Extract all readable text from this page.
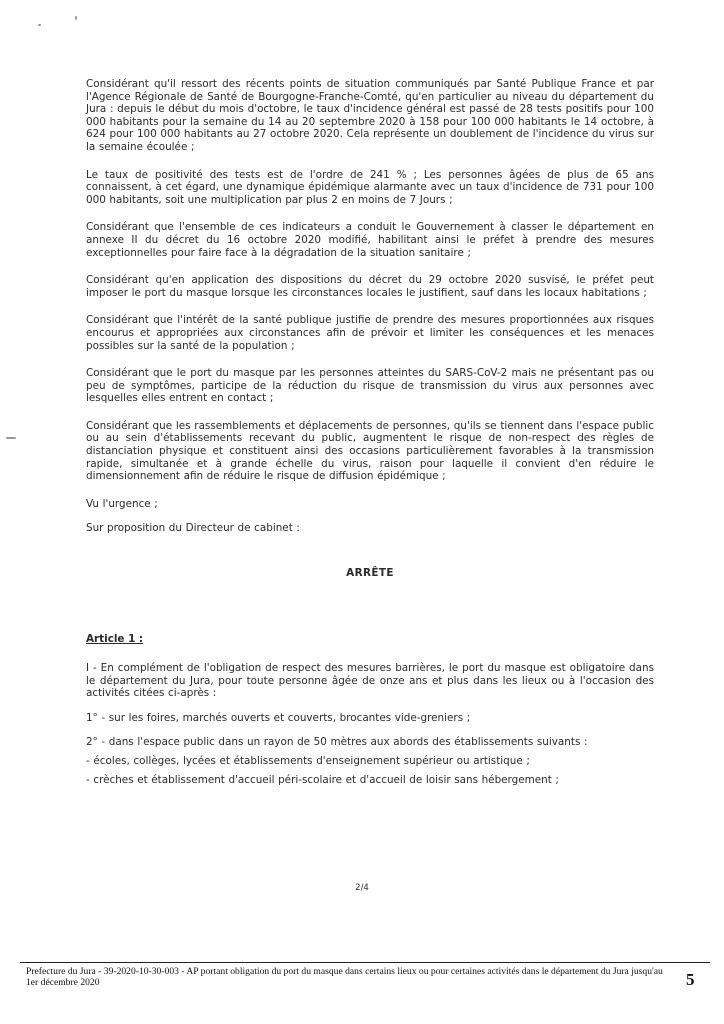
Considérant qu'il ressort des récents points de situation communiqués par Santé Publique France et par l'Agence Régionale de Santé de Bourgogne-Franche-Comté, qu'en particulier au niveau du département du Jura : depuis le début du mois d'octobre, le taux d'incidence général est passé de 28 tests positifs pour 100 000 habitants pour la semaine du 14 au 20 septembre 2020 à 158 pour 100 000 habitants le 14 octobre, à 624 pour 100 000 habitants au 27 octobre 2020. Cela représente un doublement de l'incidence du virus sur la semaine écoulée ;

Le taux de positivité des tests est de l'ordre de 241 % ; Les personnes âgées de plus de 65 ans connaissent, à cet égard, une dynamique épidémique alarmante avec un taux d'incidence de 731 pour 100 000 habitants, soit une multiplication par plus 2 en moins de 7 Jours ;

Considérant que l'ensemble de ces indicateurs a conduit le Gouvernement à classer le département en annexe II du décret du 16 octobre 2020 modifié, habilitant ainsi le préfet à prendre des mesures exceptionnelles pour faire face à la dégradation de la situation sanitaire ;

Considérant qu'en application des dispositions du décret du 29 octobre 2020 susvisé, le préfet peut imposer le port du masque lorsque les circonstances locales le justifient, sauf dans les locaux habitations ;

Considérant que l'intérêt de la santé publique justifie de prendre des mesures proportionnées aux risques encourus et appropriées aux circonstances afin de prévoir et limiter les conséquences et les menaces possibles sur la santé de la population ;

Considérant que le port du masque par les personnes atteintes du SARS-CoV-2 mais ne présentant pas ou peu de symptômes, participe de la réduction du risque de transmission du virus aux personnes avec lesquelles elles entrent en contact ;

Considérant que les rassemblements et déplacements de personnes, qu'ils se tiennent dans l'espace public ou au sein d'établissements recevant du public, augmentent le risque de non-respect des règles de distanciation physique et constituent ainsi des occasions particulièrement favorables à la transmission rapide, simultanée et à grande échelle du virus, raison pour laquelle il convient d'en réduire le dimensionnement afin de réduire le risque de diffusion épidémique ;

Vu l'urgence ;

Sur proposition du Directeur de cabinet :

ARRÊTE
Article 1 :

I - En complément de l'obligation de respect des mesures barrières, le port du masque est obligatoire dans le département du Jura, pour toute personne âgée de onze ans et plus dans les lieux ou à l'occasion des activités citées ci-après :

1° - sur les foires, marchés ouverts et couverts, brocantes vide-greniers ;

2° - dans l'espace public dans un rayon de 50 mètres aux abords des établissements suivants :

- écoles, collèges, lycées et établissements d'enseignement supérieur ou artistique ;

- crèches et établissement d'accueil péri-scolaire et d'accueil de loisir sans hébergement ;

2/4
Prefecture du Jura - 39-2020-10-30-003 - AP portant obligation du port du masque dans certains lieux ou pour certaines activités dans le département du Jura jusqu'au 1er décembre 2020	5
